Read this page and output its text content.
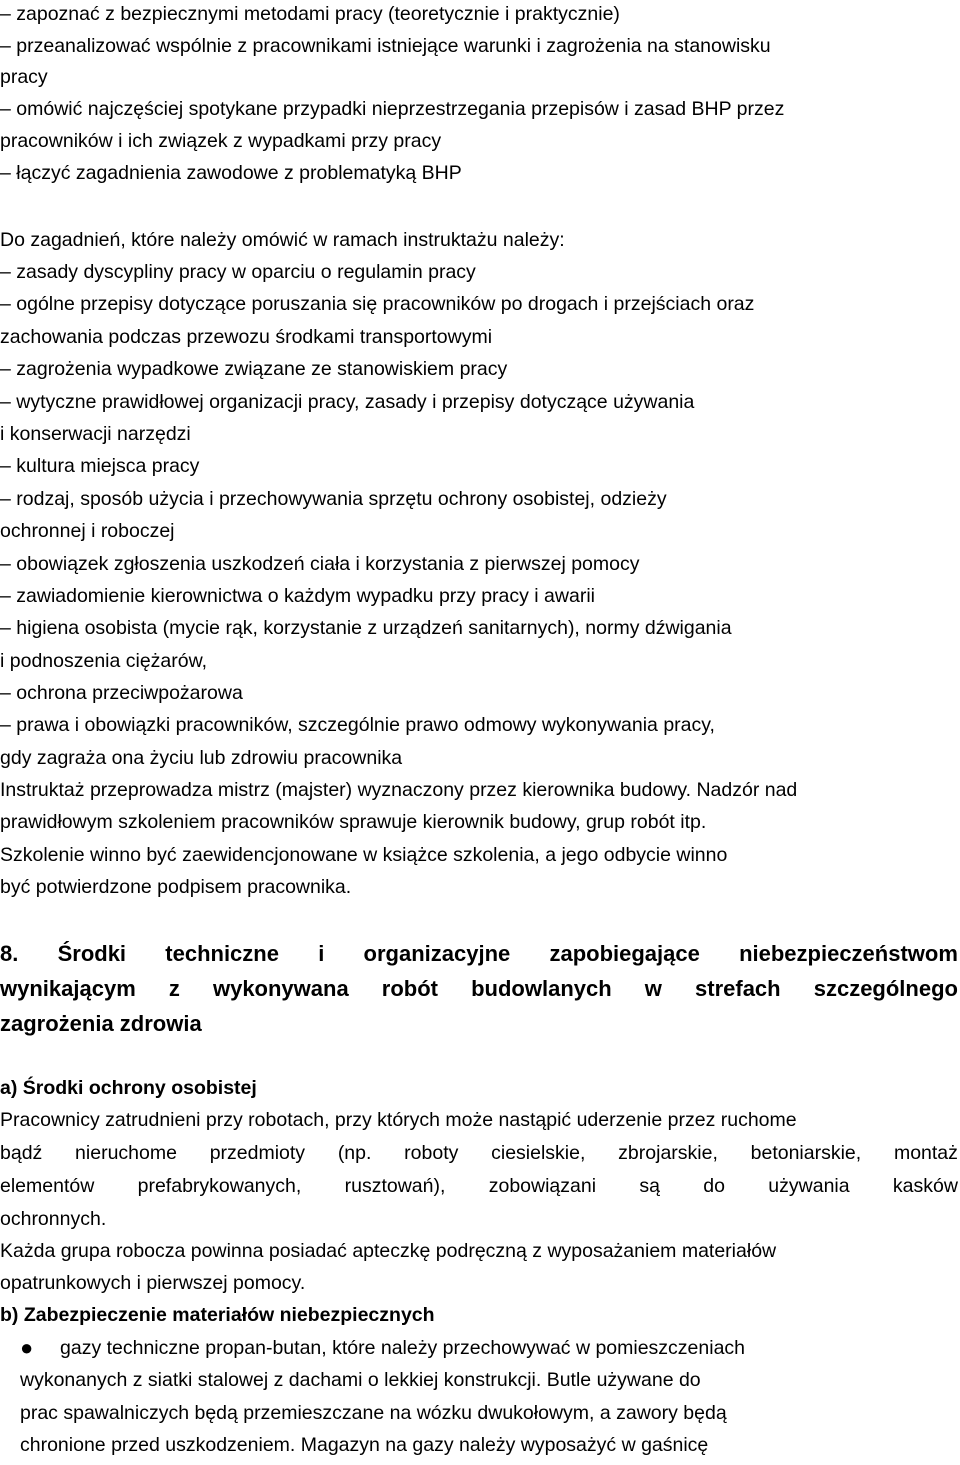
– zapoznać z bezpiecznymi metodami pracy (teoretycznie i praktycznie)
– przeanalizować wspólnie z pracownikami istniejące warunki i zagrożenia na stanowisku
pracy
– omówić najczęściej spotykane przypadki nieprzestrzegania przepisów i zasad BHP przez
pracowników i ich związek z wypadkami przy pracy
– łączyć zagadnienia zawodowe z problematyką BHP
Do zagadnień, które należy omówić w ramach instruktażu należy:
– zasady dyscypliny pracy w oparciu o regulamin pracy
– ogólne przepisy dotyczące poruszania się pracowników po drogach i przejściach oraz
zachowania podczas przewozu środkami transportowymi
– zagrożenia wypadkowe związane ze stanowiskiem pracy
– wytyczne prawidłowej organizacji pracy, zasady i przepisy dotyczące używania
i konserwacji narzędzi
– kultura miejsca pracy
– rodzaj, sposób użycia i przechowywania sprzętu ochrony osobistej, odzieży
ochronnej i roboczej
– obowiązek zgłoszenia uszkodzeń ciała i korzystania z pierwszej pomocy
– zawiadomienie kierownictwa o każdym wypadku przy pracy i awarii
– higiena osobista (mycie rąk, korzystanie z urządzeń sanitarnych), normy dźwigania
i podnoszenia ciężarów,
– ochrona przeciwpożarowa
– prawa i obowiązki pracowników, szczególnie prawo odmowy wykonywania pracy,
gdy zagraża ona życiu lub zdrowiu pracownika
Instruktaż przeprowadza mistrz (majster) wyznaczony przez kierownika budowy. Nadzór nad
prawidłowym szkoleniem pracowników sprawuje kierownik budowy, grup robót itp.
Szkolenie winno być zaewidencjonowane w książce szkolenia, a jego odbycie winno
być potwierdzone podpisem pracownika.
8. Środki techniczne i organizacyjne zapobiegające niebezpieczeństwom
wynikającym z wykonywana robót budowlanych w strefach szczególnego
zagrożenia zdrowia
a) Środki ochrony osobistej
Pracownicy zatrudnieni przy robotach, przy których może nastąpić uderzenie przez ruchome
bądź nieruchome przedmioty (np. roboty ciesielskie, zbrojarskie, betoniarskie, montaż
elementów prefabrykowanych, rusztowań), zobowiązani są do używania kasków
ochronnych.
Każda grupa robocza powinna posiadać apteczkę podręczną z wyposażaniem materiałów
opatrunkowych i pierwszej pomocy.
b) Zabezpieczenie materiałów niebezpiecznych
● gazy techniczne propan-butan, które należy przechowywać w pomieszczeniach
wykonanych z siatki stalowej z dachami o lekkiej konstrukcji. Butle używane do
prac spawalniczych będą przemieszczane na wózku dwukołowym, a zawory będą
chronione przed uszkodzeniem. Magazyn na gazy należy wyposażyć w gaśnicę
